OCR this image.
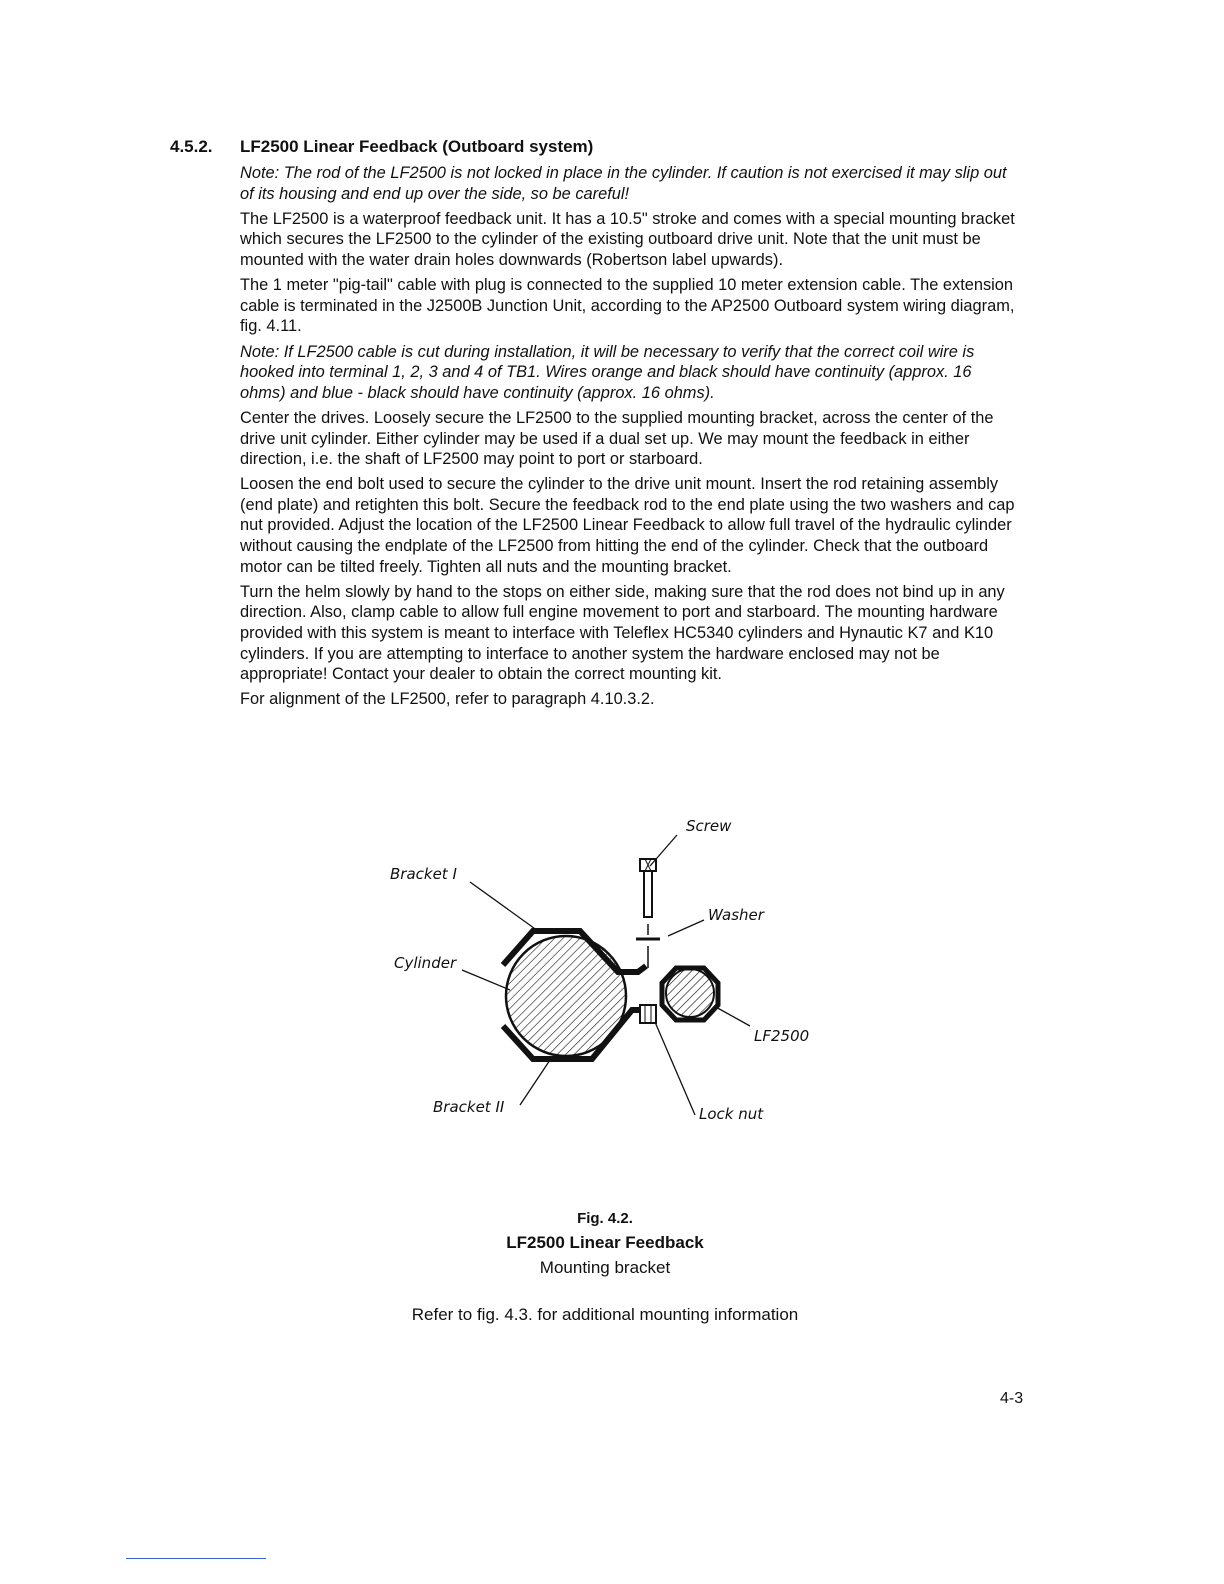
4.5.2. LF2500 Linear Feedback (Outboard system)

Note: The rod of the LF2500 is not locked in place in the cylinder. If caution is not exercised it may slip out of its housing and end up over the side, so be careful!

The LF2500 is a waterproof feedback unit. It has a 10.5" stroke and comes with a special mounting bracket which secures the LF2500 to the cylinder of the existing outboard drive unit. Note that the unit must be mounted with the water drain holes downwards (Robertson label upwards).

The 1 meter "pig-tail" cable with plug is connected to the supplied 10 meter extension cable. The extension cable is terminated in the J2500B Junction Unit, according to the AP2500 Outboard system wiring diagram, fig. 4.11.

Note: If LF2500 cable is cut during installation, it will be necessary to verify that the correct coil wire is hooked into terminal 1, 2, 3 and 4 of TB1. Wires orange and black should have continuity (approx. 16 ohms) and blue - black should have continuity (approx. 16 ohms).

Center the drives. Loosely secure the LF2500 to the supplied mounting bracket, across the center of the drive unit cylinder. Either cylinder may be used if a dual set up. We may mount the feedback in either direction, i.e. the shaft of LF2500 may point to port or starboard.

Loosen the end bolt used to secure the cylinder to the drive unit mount. Insert the rod retaining assembly (end plate) and retighten this bolt. Secure the feedback rod to the end plate using the two washers and cap nut provided. Adjust the location of the LF2500 Linear Feedback to allow full travel of the hydraulic cylinder without causing the endplate of the LF2500 from hitting the end of the cylinder. Check that the outboard motor can be tilted freely. Tighten all nuts and the mounting bracket.

Turn the helm slowly by hand to the stops on either side, making sure that the rod does not bind up in any direction. Also, clamp cable to allow full engine movement to port and starboard. The mounting hardware provided with this system is meant to interface with Teleflex HC5340 cylinders and Hynautic K7 and K10 cylinders. If you are attempting to interface to another system the hardware enclosed may not be appropriate! Contact your dealer to obtain the correct mounting kit.

For alignment of the LF2500, refer to paragraph 4.10.3.2.

Screw
Bracket I
Washer
Cylinder
LF2500
Bracket II	Lock nut
Fig. 4.2.
LF2500 Linear Feedback
Mounting bracket
Refer to fig. 4.3. for additional mounting information
4-3
